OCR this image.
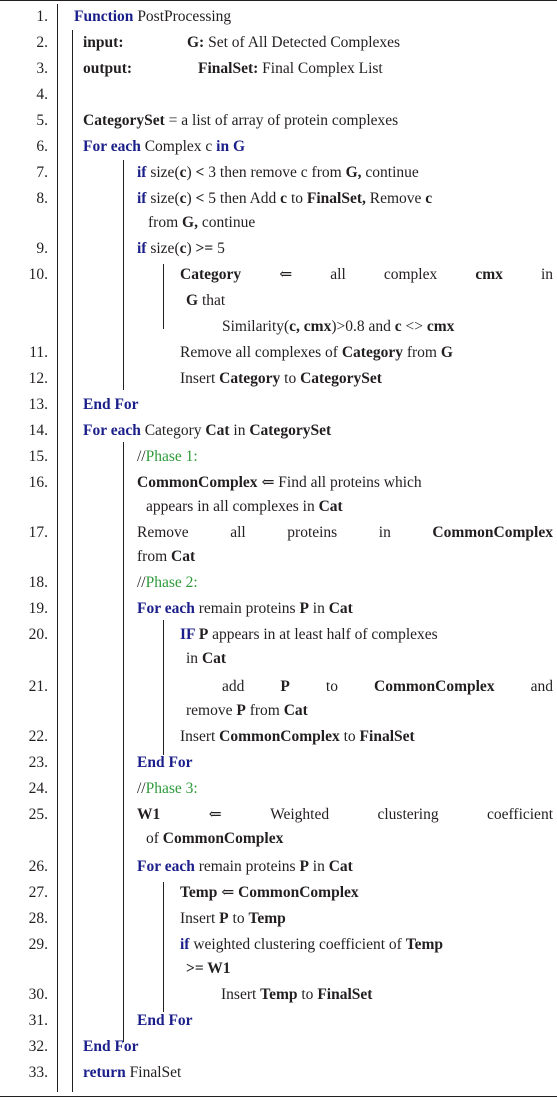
1. Function PostProcessing
2. input:	G: Set of All Detected Complexes
3. output:	FinalSet: Final Complex List
4.
5. CategorySet = a list of array of protein complexes
6. For each Complex c in G
7.	if size(c) < 3 then remove c from G, continue
8.	if size(c) < 5 then Add c to FinalSet, Remove c
from G, continue
9.	if size(c) >= 5
10.	Category ⇐ all complex cmx in
G that
Similarity(c, cmx)>0.8 and c <> cmx
11.	Remove all complexes of Category from G
12.	Insert Category to CategorySet
13. End For
14. For each Category Cat in CategorySet
15.	//Phase 1:
16.	CommonComplex ⇐ Find all proteins which
appears in all complexes in Cat
17.	Remove	all	proteins	in	CommonComplex
from Cat
18.	//Phase 2:
19.	For each remain proteins P in Cat
20.	IF P appears in at least half of complexes
in Cat
21.	add P to CommonComplex and
remove P from Cat
22.	Insert CommonComplex to FinalSet
23.	End For
24.	//Phase 3:
25.	W1	⇐	Weighted	clustering	coefficient
of CommonComplex
26.	For each remain proteins P in Cat
27.	Temp ⇐ CommonComplex
28.	Insert P to Temp
29.	if weighted clustering coefficient of Temp
>= W1
30.	Insert Temp to FinalSet
31.	End For
32. End For
33. return FinalSet
